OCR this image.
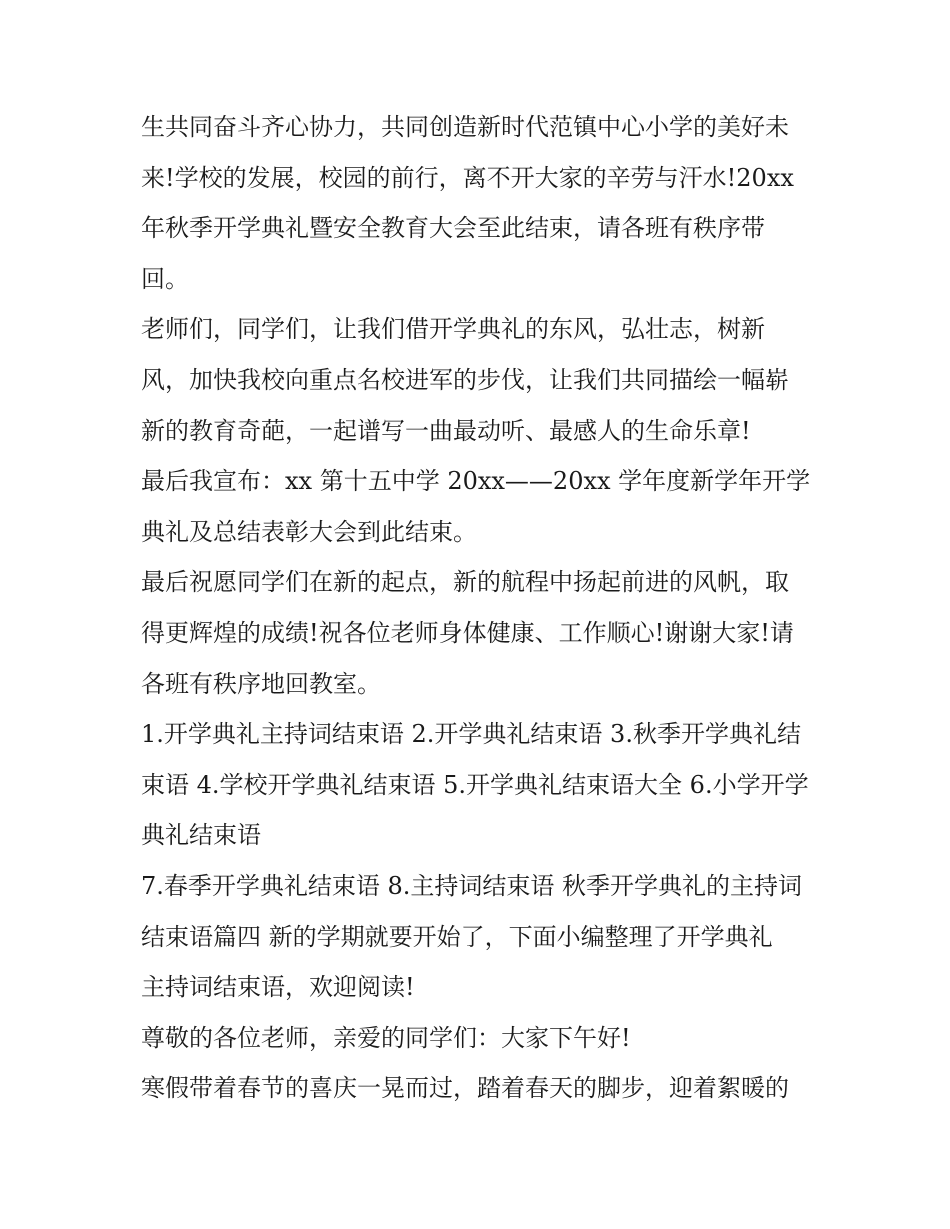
生共同奋斗齐心协力，共同创造新时代范镇中心小学的美好未
来!学校的发展，校园的前行，离不开大家的辛劳与汗水!20xx
年秋季开学典礼暨安全教育大会至此结束，请各班有秩序带
回。

老师们，同学们，让我们借开学典礼的东风，弘壮志，树新
风，加快我校向重点名校进军的步伐，让我们共同描绘一幅崭
新的教育奇葩，一起谱写一曲最动听、最感人的生命乐章!

最后我宣布：xx 第十五中学 20xx——20xx 学年度新学年开学
典礼及总结表彰大会到此结束。

最后祝愿同学们在新的起点，新的航程中扬起前进的风帆，取
得更辉煌的成绩!祝各位老师身体健康、工作顺心!谢谢大家!请
各班有秩序地回教室。

1.开学典礼主持词结束语 2.开学典礼结束语 3.秋季开学典礼结
束语 4.学校开学典礼结束语 5.开学典礼结束语大全 6.小学开学
典礼结束语

7.春季开学典礼结束语 8.主持词结束语 秋季开学典礼的主持词
结束语篇四 新的学期就要开始了，下面小编整理了开学典礼
主持词结束语，欢迎阅读!

尊敬的各位老师，亲爱的同学们：大家下午好!

寒假带着春节的喜庆一晃而过，踏着春天的脚步，迎着絮暖的
